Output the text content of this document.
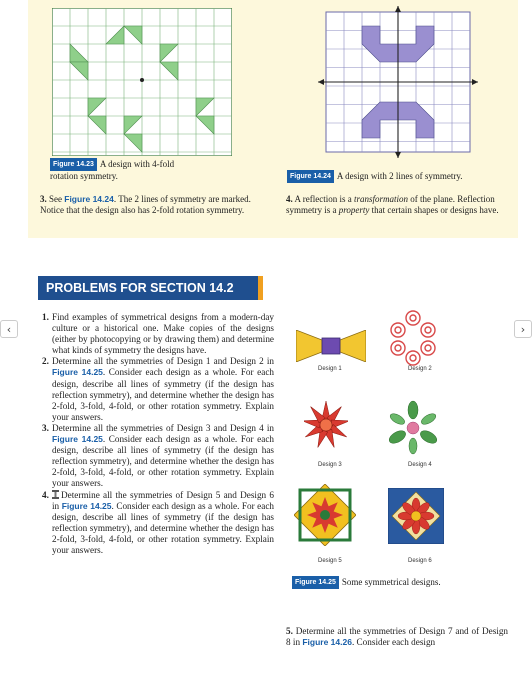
Figure 14.23 A design with 4-fold rotation symmetry.	Figure 14.24 A design with 2 lines of symmetry.
3. See Figure 14.24. The 2 lines of symmetry are marked. Notice that the design also has 2-fold rotation symmetry.
4. A reflection is a transformation of the plane. Reflection symmetry is a property that certain shapes or designs have.
PROBLEMS FOR SECTION 14.2
‹	›
1. Find examples of symmetrical designs from a modern-day culture or a historical one. Make copies of the designs (either by photocopying or by drawing them) and determine what kinds of symmetry the designs have.
2. Determine all the symmetries of Design 1 and Design 2 in Figure 14.25. Consider each design as a whole. For each design, describe all lines of symmetry (if the design has reflection symmetry), and determine whether the design has 2-fold, 3-fold, 4-fold, or other rotation symmetry. Explain your answers.
3. Determine all the symmetries of Design 3 and Design 4 in Figure 14.25. Consider each design as a whole. For each design, describe all lines of symmetry (if the design has reflection symmetry), and determine whether the design has 2-fold, 3-fold, 4-fold, or other rotation symmetry. Explain your answers.
4.	Determine all the symmetries of Design 5 and Design 6 in Figure 14.25. Consider each design as a whole. For each design, describe all lines of symmetry (if the design has reflection symmetry), and determine whether the design has 2-fold, 3-fold, 4-fold, or other rotation symmetry. Explain your answers.
Design 1	Design 2
Design 3	Design 4
Design 5	Design 6
Figure 14.25 Some symmetrical designs.
5. Determine all the symmetries of Design 7 and of Design 8 in Figure 14.26. Consider each design
